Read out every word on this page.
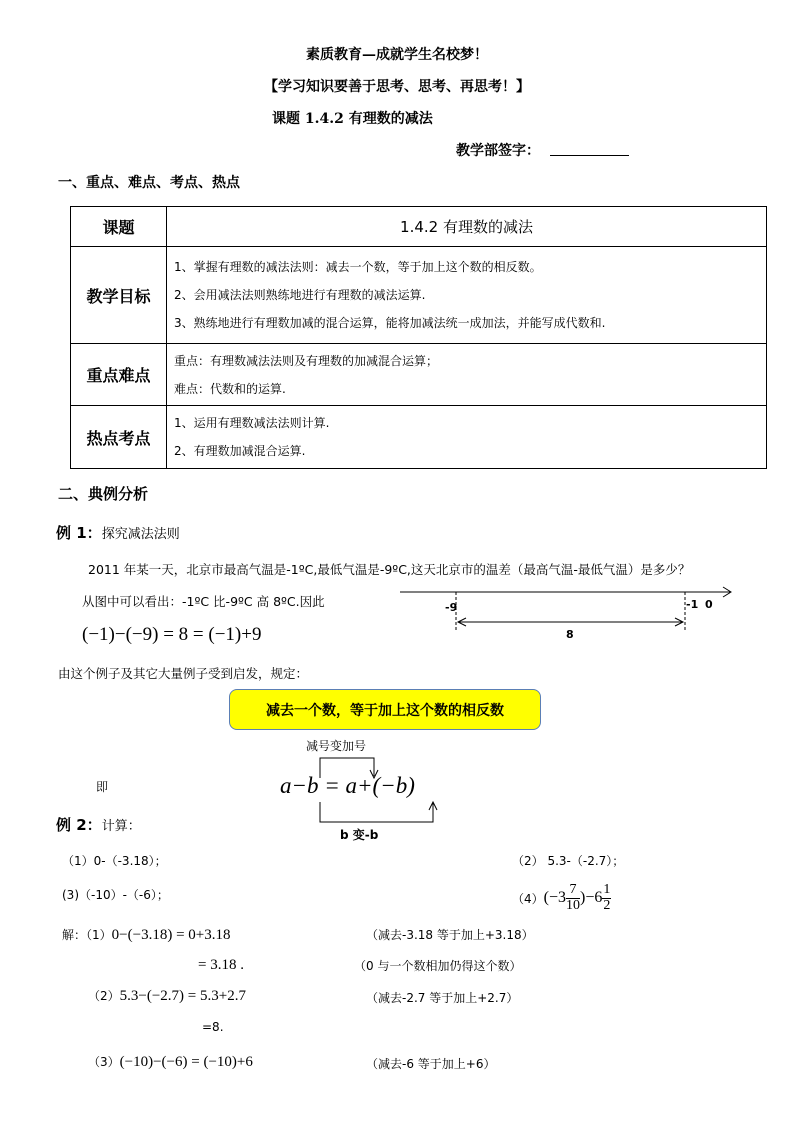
素质教育—成就学生名校梦！
【学习知识要善于思考、思考、再思考！】
课题 1.4.2 有理数的减法
教学部签字：
一、重点、难点、考点、热点
课题	1.4.2 有理数的减法
教学目标	1、掌握有理数的减法法则：减去一个数，等于加上这个数的相反数。
2、会用减法法则熟练地进行有理数的减法运算.
3、熟练地进行有理数加减的混合运算，能将加减法统一成加法，并能写成代数和.

重点难点	重点：有理数减法法则及有理数的加减混合运算；
难点：代数和的运算.

热点考点	1、运用有理数减法法则计算.
2、有理数加减混合运算.
二、典例分析
例 1：探究减法法则
2011 年某一天，北京市最高气温是-1ºC,最低气温是-9ºC,这天北京市的温差（最高气温-最低气温）是多少？
从图中可以看出：-1ºC 比-9ºC 高 8ºC.因此
(−1)−(−9) = 8 = (−1)+9
-9	-1 0
8
由这个例子及其它大量例子受到启发，规定：
减去一个数，等于加上这个数的相反数
减号变加号
即	a−b = a+(−b)
b 变-b
例 2：计算：
（1）0-（-3.18）；	（2） 5.3-（-2.7）；
(3)（-10）-（-6）；	（4） $(-3 \frac{7}{10} )-6 \frac{1}{2}$
解：（1）0−(−3.18) = 0+3.18	（减去-3.18 等于加上+3.18）
= 3.18 .	（0 与一个数相加仍得这个数）
（2）5.3−(−2.7) = 5.3+2.7	（减去-2.7 等于加上+2.7）
=8.
（3）(−10)−(−6) = (−10)+6	（减去-6 等于加上+6）
